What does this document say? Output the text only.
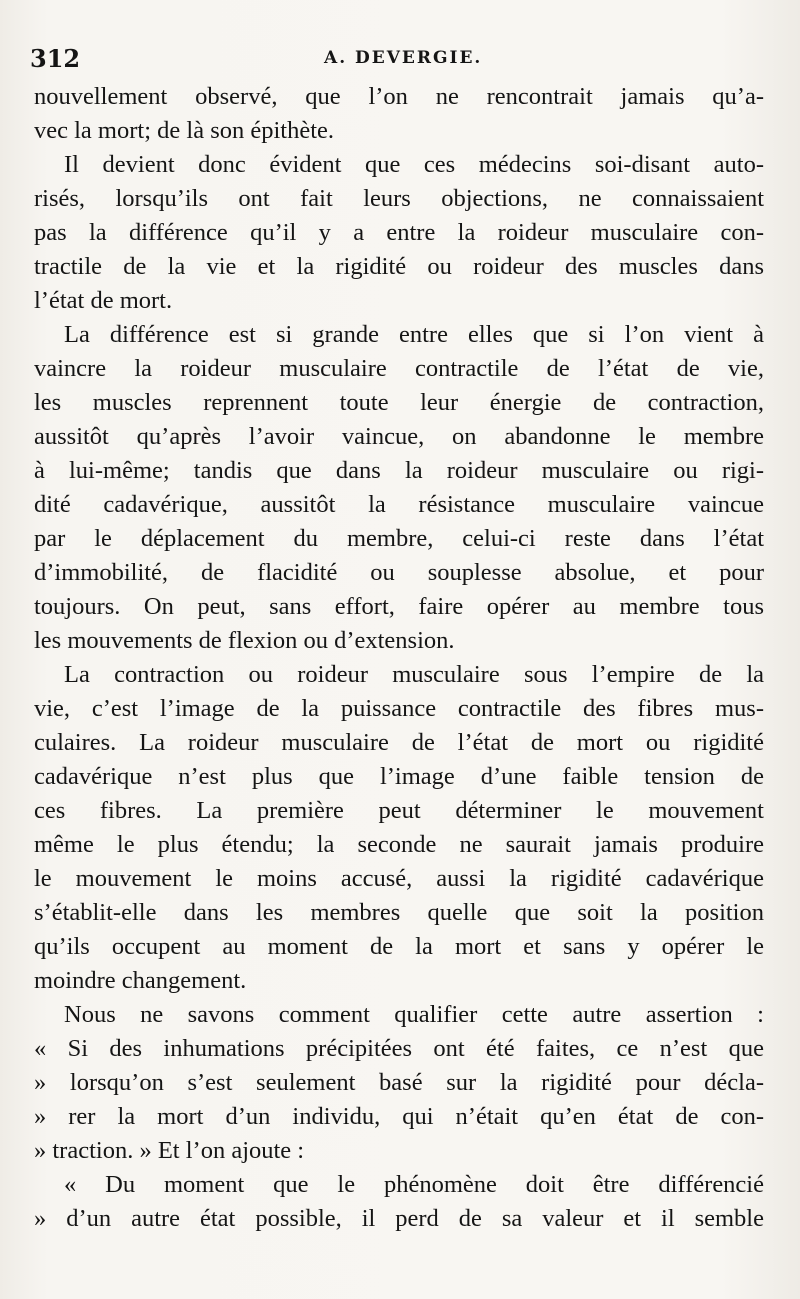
312	A. DEVERGIE.
nouvellement observé, que l’on ne rencontrait jamais qu’a-
vec la mort; de là son épithète.
Il devient donc évident que ces médecins soi-disant auto-
risés, lorsqu’ils ont fait leurs objections, ne connaissaient
pas la différence qu’il y a entre la roideur musculaire con-
tractile de la vie et la rigidité ou roideur des muscles dans
l’état de mort.
La différence est si grande entre elles que si l’on vient à
vaincre la roideur musculaire contractile de l’état de vie,
les muscles reprennent toute leur énergie de contraction,
aussitôt qu’après l’avoir vaincue, on abandonne le membre
à lui-même; tandis que dans la roideur musculaire ou rigi-
dité cadavérique, aussitôt la résistance musculaire vaincue
par le déplacement du membre, celui-ci reste dans l’état
d’immobilité, de flacidité ou souplesse absolue, et pour
toujours. On peut, sans effort, faire opérer au membre tous
les mouvements de flexion ou d’extension.
La contraction ou roideur musculaire sous l’empire de la
vie, c’est l’image de la puissance contractile des fibres mus-
culaires. La roideur musculaire de l’état de mort ou rigidité
cadavérique n’est plus que l’image d’une faible tension de
ces fibres. La première peut déterminer le mouvement
même le plus étendu; la seconde ne saurait jamais produire
le mouvement le moins accusé, aussi la rigidité cadavérique
s’établit-elle dans les membres quelle que soit la position
qu’ils occupent au moment de la mort et sans y opérer le
moindre changement.
Nous ne savons comment qualifier cette autre assertion :
« Si des inhumations précipitées ont été faites, ce n’est que
» lorsqu’on s’est seulement basé sur la rigidité pour décla-
» rer la mort d’un individu, qui n’était qu’en état de con-
» traction. » Et l’on ajoute :
« Du moment que le phénomène doit être différencié
» d’un autre état possible, il perd de sa valeur et il semble
